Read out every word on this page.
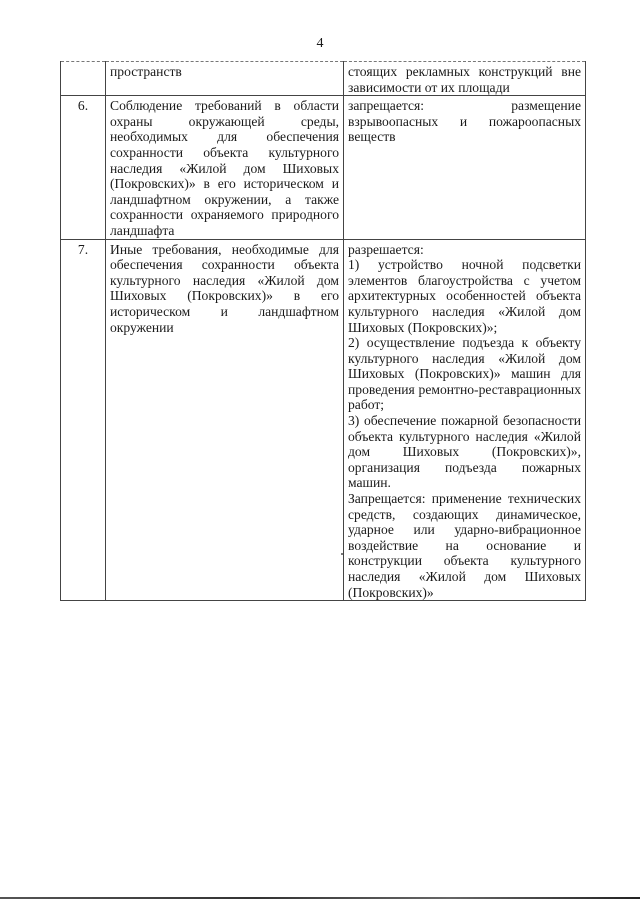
4
	пространств	стоящих рекламных конструкций вне зависимости от их площади

6.	Соблюдение требований в области охраны окружающей среды, необходимых для обеспечения сохранности объекта культурного наследия «Жилой дом Шиховых (Покровских)» в его историческом и ландшафтном окружении, а также сохранности охраняемого природного ландшафта	запрещается: размещение взрывоопасных и пожароопасных веществ

7.	Иные требования, необходимые для обеспечения сохранности объекта культурного наследия «Жилой дом Шиховых (Покровских)» в его историческом и ландшафтном окружении	разрешается:
1) устройство ночной подсветки элементов благоустройства с учетом архитектурных особенностей объекта культурного наследия «Жилой дом Шиховых (Покровских)»;
2) осуществление подъезда к объекту культурного наследия «Жилой дом Шиховых (Покровских)» машин для проведения ремонтно-реставрационных работ;
3) обеспечение пожарной безопасности объекта культурного наследия «Жилой дом Шиховых (Покровских)», организация подъезда пожарных машин.
Запрещается: применение технических средств, создающих динамическое, ударное или ударно-вибрационное воздействие на основание и конструкции объекта культурного наследия «Жилой дом Шиховых (Покровских)»
